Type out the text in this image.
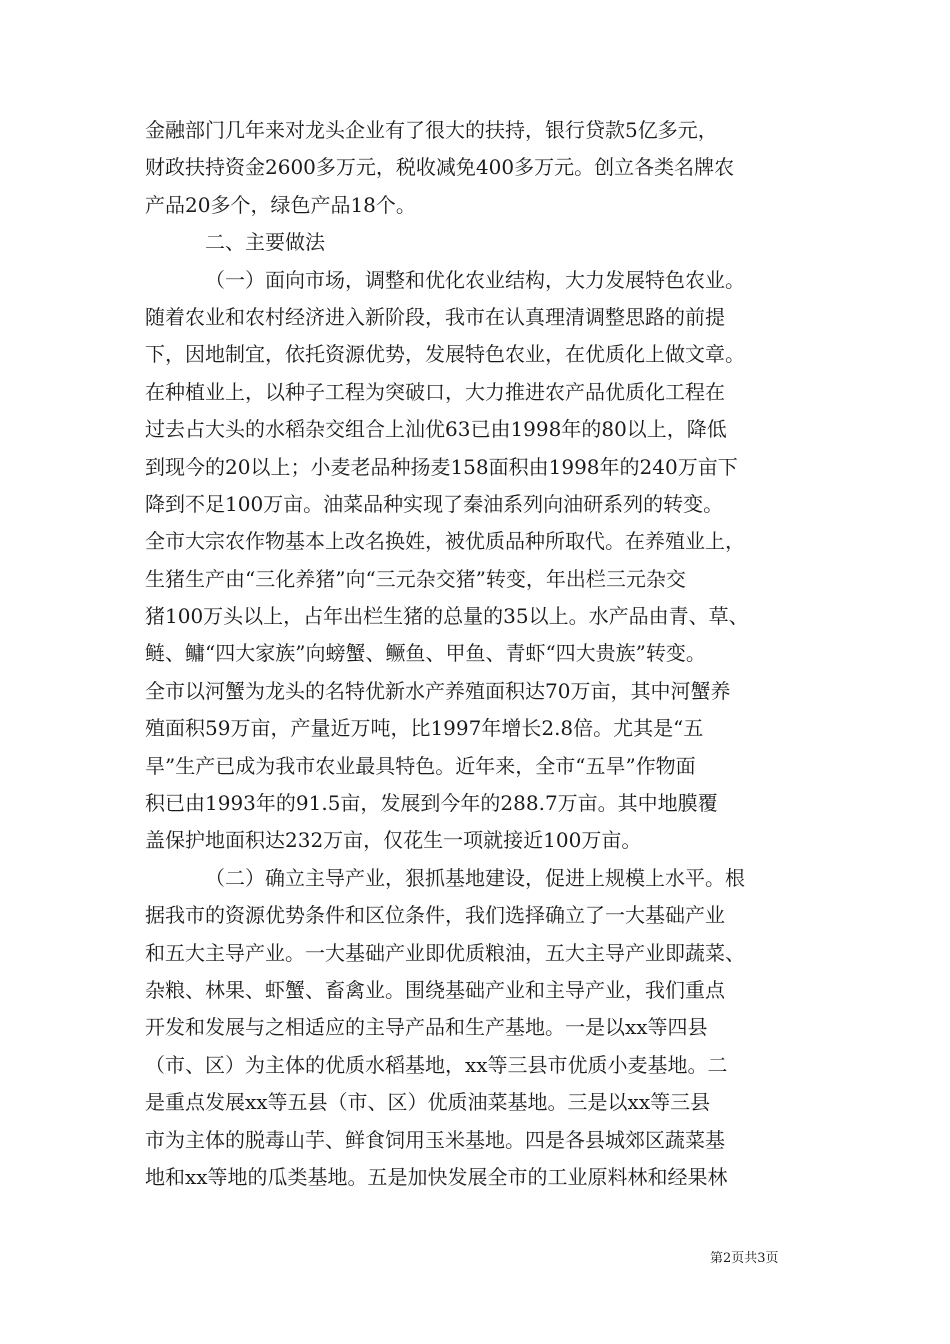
金融部门几年来对龙头企业有了很大的扶持，银行贷款5亿多元，
财政扶持资金2600多万元，税收减免400多万元。创立各类名牌农
产品20多个，绿色产品18个。
二、主要做法
（一）面向市场，调整和优化农业结构，大力发展特色农业。
随着农业和农村经济进入新阶段，我市在认真理清调整思路的前提
下，因地制宜，依托资源优势，发展特色农业，在优质化上做文章。
在种植业上，以种子工程为突破口，大力推进农产品优质化工程在
过去占大头的水稻杂交组合上汕优63已由1998年的80以上，降低
到现今的20以上；小麦老品种扬麦158面积由1998年的240万亩下
降到不足100万亩。油菜品种实现了秦油系列向油研系列的转变。
全市大宗农作物基本上改名换姓，被优质品种所取代。在养殖业上，
生猪生产由“三化养猪”向“三元杂交猪”转变，年出栏三元杂交
猪100万头以上，占年出栏生猪的总量的35以上。水产品由青、草、
鲢、鳙“四大家族”向螃蟹、鳜鱼、甲鱼、青虾“四大贵族”转变。
全市以河蟹为龙头的名特优新水产养殖面积达70万亩，其中河蟹养
殖面积59万亩，产量近万吨，比1997年增长2.8倍。尤其是“五
旱”生产已成为我市农业最具特色。近年来，全市“五旱”作物面
积已由1993年的91.5亩，发展到今年的288.7万亩。其中地膜覆
盖保护地面积达232万亩，仅花生一项就接近100万亩。
（二）确立主导产业，狠抓基地建设，促进上规模上水平。根
据我市的资源优势条件和区位条件，我们选择确立了一大基础产业
和五大主导产业。一大基础产业即优质粮油，五大主导产业即蔬菜、
杂粮、林果、虾蟹、畜禽业。围绕基础产业和主导产业，我们重点
开发和发展与之相适应的主导产品和生产基地。一是以xx等四县
（市、区）为主体的优质水稻基地，xx等三县市优质小麦基地。二
是重点发展xx等五县（市、区）优质油菜基地。三是以xx等三县
市为主体的脱毒山芋、鲜食饲用玉米基地。四是各县城郊区蔬菜基
地和xx等地的瓜类基地。五是加快发展全市的工业原料林和经果林
第2页共3页
